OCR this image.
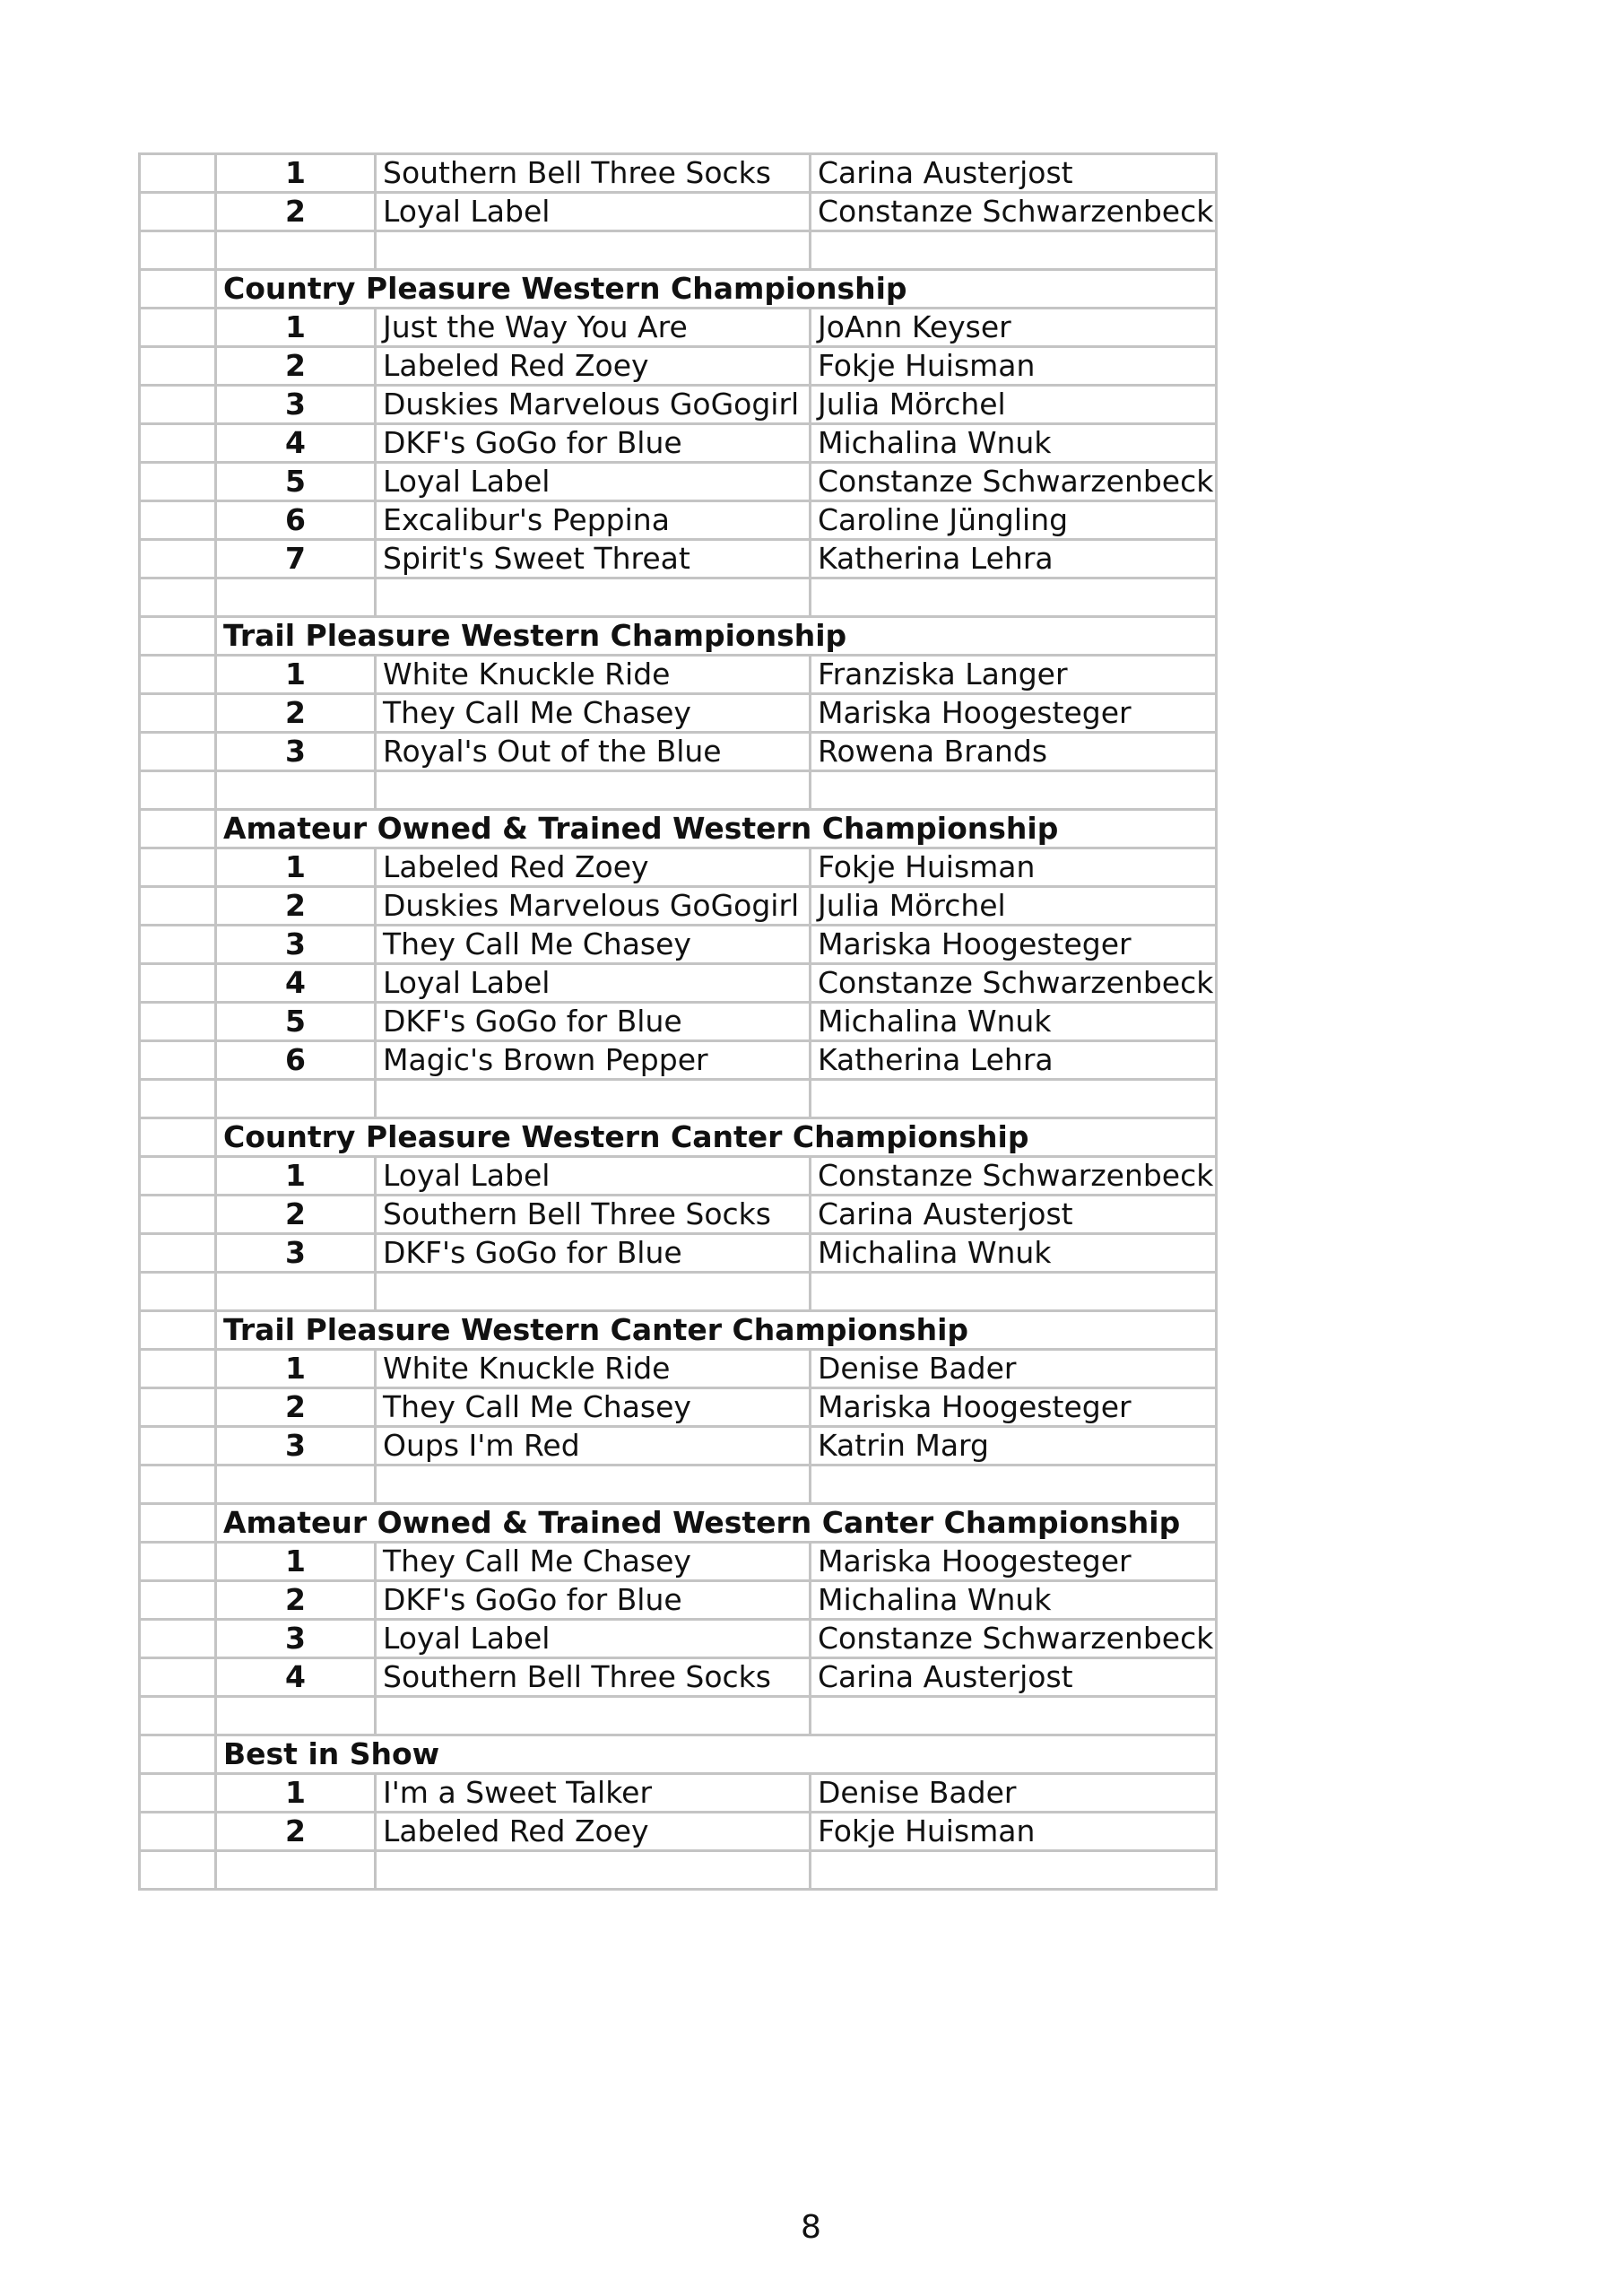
	1	Southern Bell Three Socks	Carina Austerjost
	2	Loyal Label	Constanze Schwarzenbeck

	Country Pleasure Western Championship		
	1	Just the Way You Are	JoAnn Keyser
	2	Labeled Red Zoey	Fokje Huisman
	3	Duskies Marvelous GoGogirl	Julia Mörchel
	4	DKF's GoGo for Blue	Michalina Wnuk
	5	Loyal Label	Constanze Schwarzenbeck
	6	Excalibur's Peppina	Caroline Jüngling
	7	Spirit's Sweet Threat	Katherina Lehra

	Trail Pleasure Western Championship		
	1	White Knuckle Ride	Franziska Langer
	2	They Call Me Chasey	Mariska Hoogesteger
	3	Royal's Out of the Blue	Rowena Brands

	Amateur Owned & Trained Western Championship		
	1	Labeled Red Zoey	Fokje Huisman
	2	Duskies Marvelous GoGogirl	Julia Mörchel
	3	They Call Me Chasey	Mariska Hoogesteger
	4	Loyal Label	Constanze Schwarzenbeck
	5	DKF's GoGo for Blue	Michalina Wnuk
	6	Magic's Brown Pepper	Katherina Lehra

	Country Pleasure Western Canter Championship		
	1	Loyal Label	Constanze Schwarzenbeck
	2	Southern Bell Three Socks	Carina Austerjost
	3	DKF's GoGo for Blue	Michalina Wnuk

	Trail Pleasure Western Canter Championship		
	1	White Knuckle Ride	Denise Bader
	2	They Call Me Chasey	Mariska Hoogesteger
	3	Oups I'm Red	Katrin Marg

	Amateur Owned & Trained Western Canter Championship		
	1	They Call Me Chasey	Mariska Hoogesteger
	2	DKF's GoGo for Blue	Michalina Wnuk
	3	Loyal Label	Constanze Schwarzenbeck
	4	Southern Bell Three Socks	Carina Austerjost

	Best in Show		
	1	I'm a Sweet Talker	Denise Bader
	2	Labeled Red Zoey	Fokje Huisman

8
